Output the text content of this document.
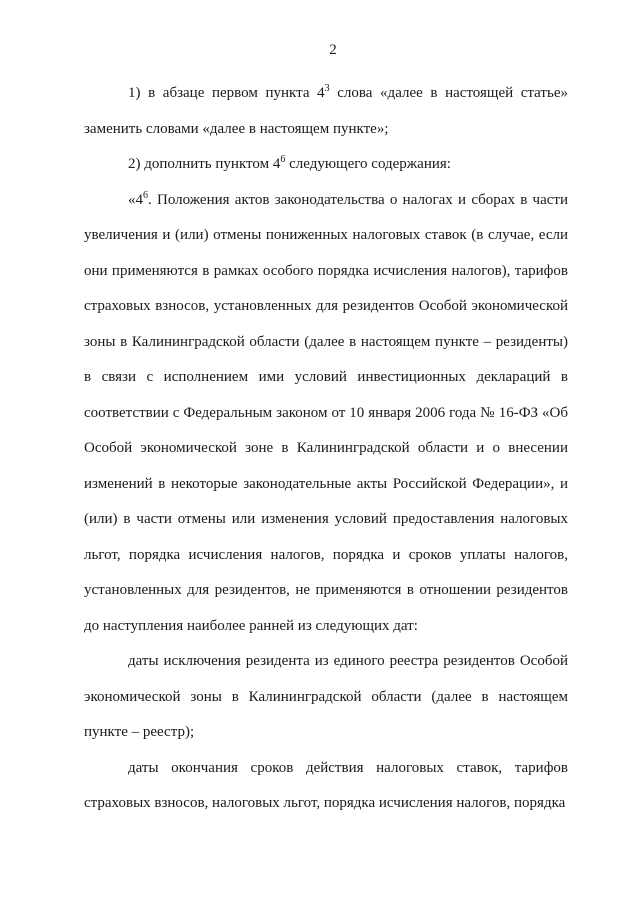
2

1) в абзаце первом пункта $4^3$ слова «далее в настоящей статье» заменить словами «далее в настоящем пункте»;

2) дополнить пунктом $4^6$ следующего содержания:

«$4^6$. Положения актов законодательства о налогах и сборах в части увеличения и (или) отмены пониженных налоговых ставок (в случае, если они применяются в рамках особого порядка исчисления налогов), тарифов страховых взносов, установленных для резидентов Особой экономической зоны в Калининградской области (далее в настоящем пункте – резиденты) в связи с исполнением ими условий инвестиционных деклараций в соответствии с Федеральным законом от 10 января 2006 года № 16-ФЗ «Об Особой экономической зоне в Калининградской области и о внесении изменений в некоторые законодательные акты Российской Федерации», и (или) в части отмены или изменения условий предоставления налоговых льгот, порядка исчисления налогов, порядка и сроков уплаты налогов, установленных для резидентов, не применяются в отношении резидентов до наступления наиболее ранней из следующих дат:

даты исключения резидента из единого реестра резидентов Особой экономической зоны в Калининградской области (далее в настоящем пункте – реестр);

даты окончания сроков действия налоговых ставок, тарифов страховых взносов, налоговых льгот, порядка исчисления налогов, порядка
